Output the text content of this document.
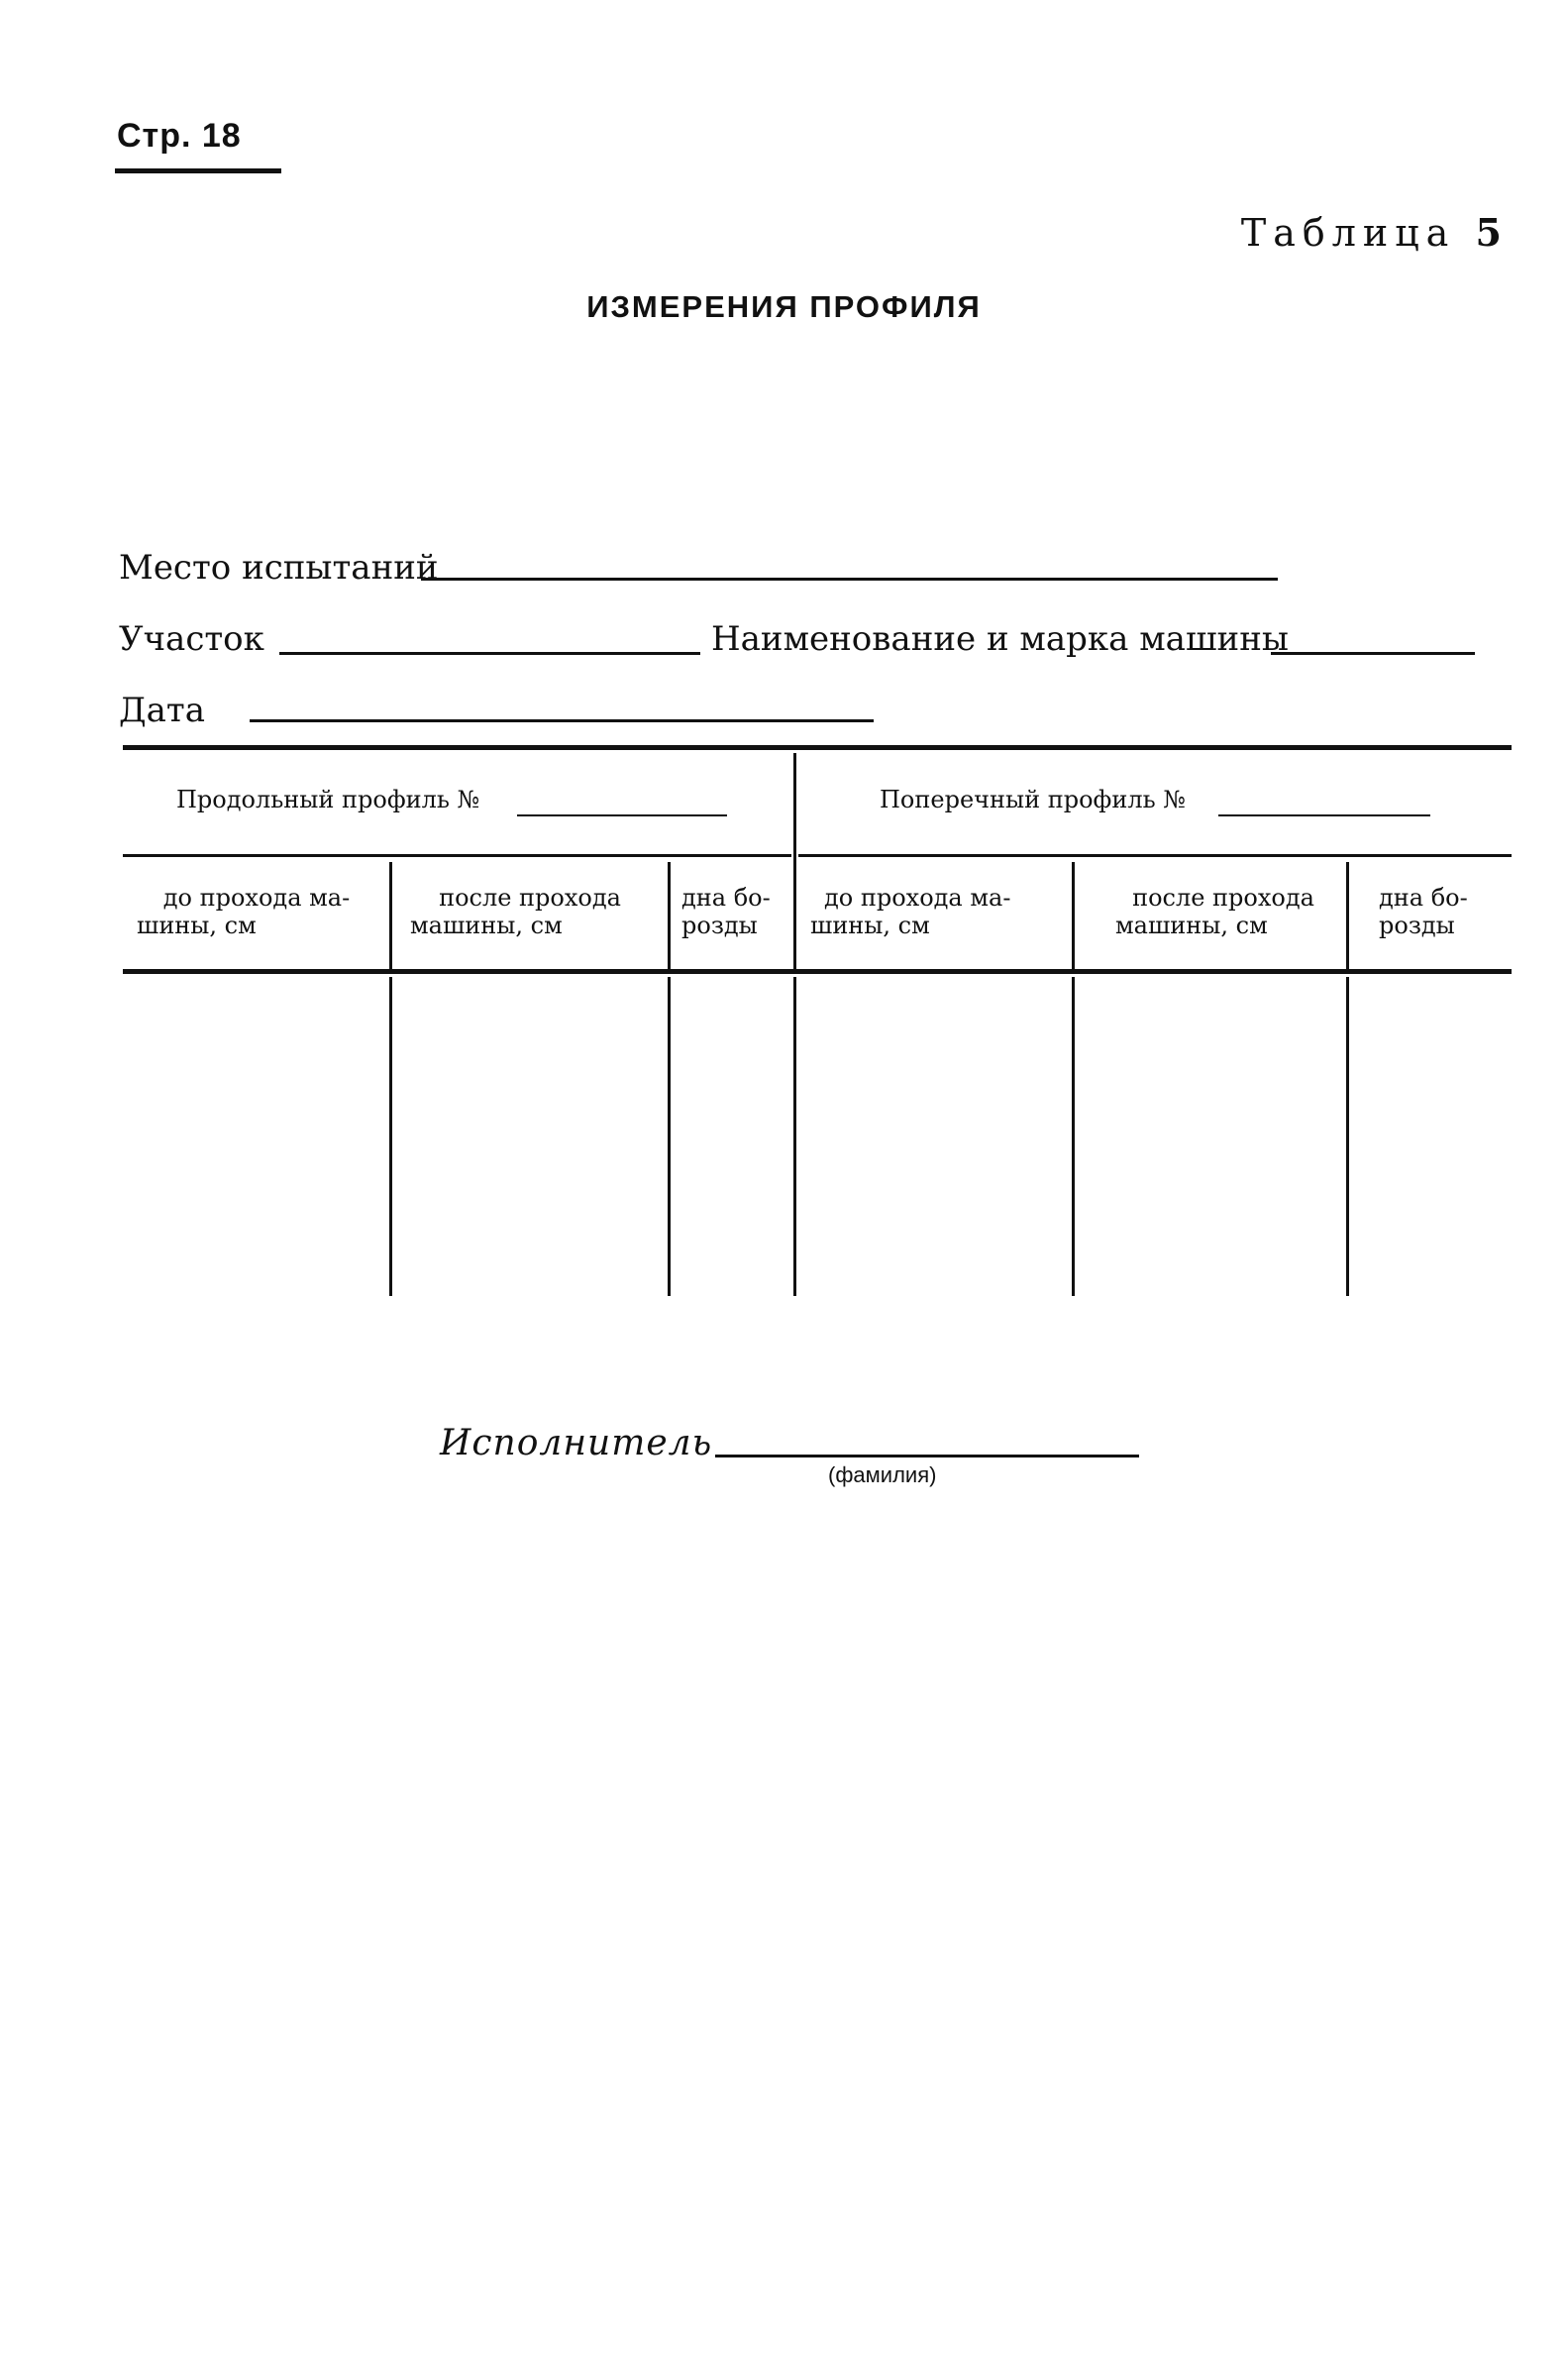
Стр. 18
Таблица 5
ИЗМЕРЕНИЯ ПРОФИЛЯ
Место испытаний
Участок	Наименование и марка машины
Дата
Продольный профиль №	Поперечный профиль №
до прохода ма-
шины, см
после прохода
машины, см
дна бо-
розды
до прохода ма-
шины, см
после прохода
машины, см
дна бо-
розды
Исполнитель
(фамилия)
